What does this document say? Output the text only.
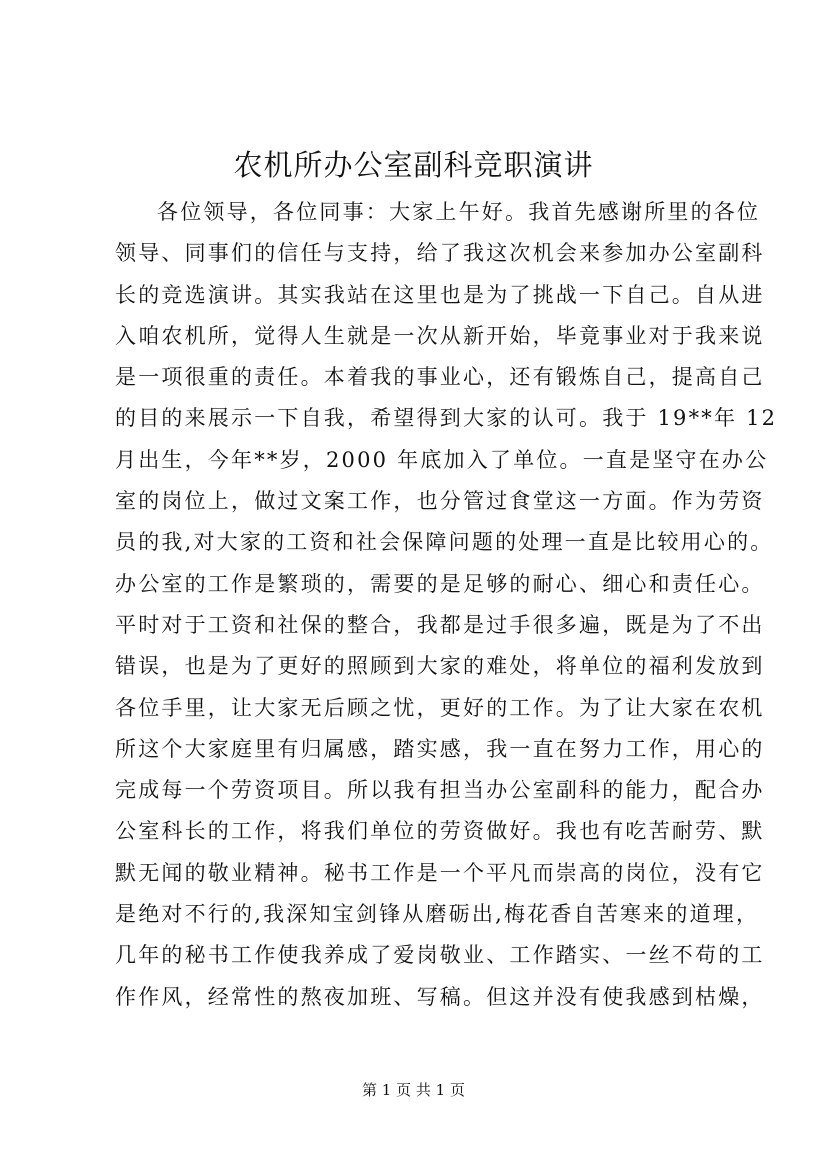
农机所办公室副科竞职演讲
各位领导，各位同事：大家上午好。我首先感谢所里的各位
领导、同事们的信任与支持，给了我这次机会来参加办公室副科
长的竞选演讲。其实我站在这里也是为了挑战一下自己。自从进
入咱农机所，觉得人生就是一次从新开始，毕竟事业对于我来说
是一项很重的责任。本着我的事业心，还有锻炼自己，提高自己
的目的来展示一下自我，希望得到大家的认可。我于 19**年 12
月出生，今年**岁，2000 年底加入了单位。一直是坚守在办公
室的岗位上，做过文案工作，也分管过食堂这一方面。作为劳资
员的我,对大家的工资和社会保障问题的处理一直是比较用心的。
办公室的工作是繁琐的，需要的是足够的耐心、细心和责任心。
平时对于工资和社保的整合，我都是过手很多遍，既是为了不出
错误，也是为了更好的照顾到大家的难处，将单位的福利发放到
各位手里，让大家无后顾之忧，更好的工作。为了让大家在农机
所这个大家庭里有归属感，踏实感，我一直在努力工作，用心的
完成每一个劳资项目。所以我有担当办公室副科的能力，配合办
公室科长的工作，将我们单位的劳资做好。我也有吃苦耐劳、默
默无闻的敬业精神。秘书工作是一个平凡而崇高的岗位，没有它
是绝对不行的,我深知宝剑锋从磨砺出,梅花香自苦寒来的道理，
几年的秘书工作使我养成了爱岗敬业、工作踏实、一丝不苟的工
作作风，经常性的熬夜加班、写稿。但这并没有使我感到枯燥，
第 1 页 共 1 页
